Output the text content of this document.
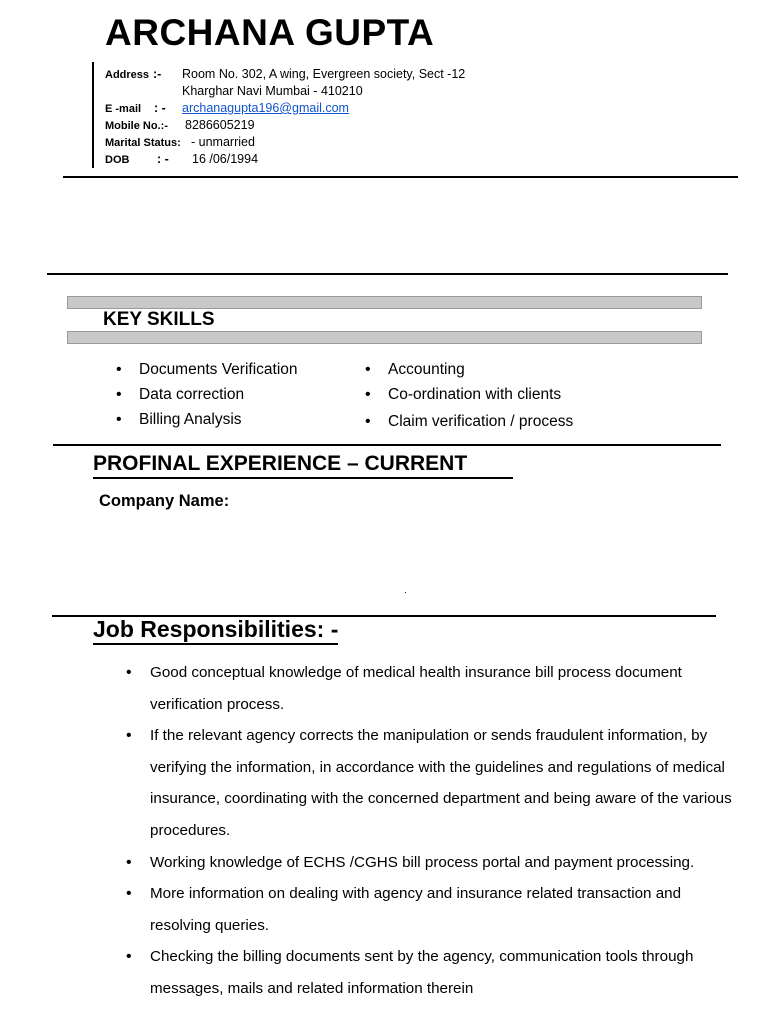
ARCHANA GUPTA
Address :- Room No. 302, A wing, Evergreen society, Sect -12
Kharghar Navi Mumbai - 410210
E -mail : - archanagupta196@gmail.com
Mobile No.:- 8286605219
Marital Status: - unmarried
DOB : - 16 /06/1994
KEY SKILLS
• Documents Verification
• Data correction
• Billing Analysis
• Accounting
• Co-ordination with clients
• Claim verification / process
PROFINAL EXPERIENCE – CURRENT
Company Name:
.
Job Responsibilities: -
• Good conceptual knowledge of medical health insurance bill process document verification process.
• If the relevant agency corrects the manipulation or sends fraudulent information, by verifying the information, in accordance with the guidelines and regulations of medical insurance, coordinating with the concerned department and being aware of the various procedures.
• Working knowledge of ECHS /CGHS bill process portal and payment processing.
• More information on dealing with agency and insurance related transaction and resolving queries.
• Checking the billing documents sent by the agency, communication tools through messages, mails and related information therein
